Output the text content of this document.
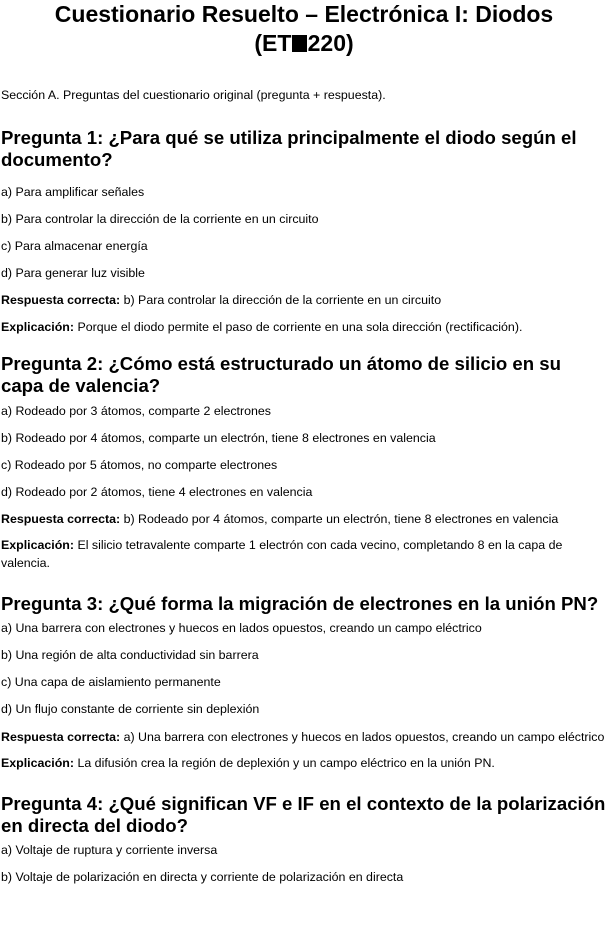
Cuestionario Resuelto – Electrónica I: Diodos
(ET 220)

Sección A. Preguntas del cuestionario original (pregunta + respuesta).

Pregunta 1: ¿Para qué se utiliza principalmente el diodo según el documento?

a) Para amplificar señales

b) Para controlar la dirección de la corriente en un circuito

c) Para almacenar energía

d) Para generar luz visible

Respuesta correcta: b) Para controlar la dirección de la corriente en un circuito

Explicación: Porque el diodo permite el paso de corriente en una sola dirección (rectificación).

Pregunta 2: ¿Cómo está estructurado un átomo de silicio en su capa de valencia?

a) Rodeado por 3 átomos, comparte 2 electrones

b) Rodeado por 4 átomos, comparte un electrón, tiene 8 electrones en valencia

c) Rodeado por 5 átomos, no comparte electrones

d) Rodeado por 2 átomos, tiene 4 electrones en valencia

Respuesta correcta: b) Rodeado por 4 átomos, comparte un electrón, tiene 8 electrones en valencia

Explicación: El silicio tetravalente comparte 1 electrón con cada vecino, completando 8 en la capa de valencia.

Pregunta 3: ¿Qué forma la migración de electrones en la unión PN?

a) Una barrera con electrones y huecos en lados opuestos, creando un campo eléctrico

b) Una región de alta conductividad sin barrera

c) Una capa de aislamiento permanente

d) Un flujo constante de corriente sin deplexión

Respuesta correcta: a) Una barrera con electrones y huecos en lados opuestos, creando un campo eléctrico

Explicación: La difusión crea la región de deplexión y un campo eléctrico en la unión PN.

Pregunta 4: ¿Qué significan VF e IF en el contexto de la polarización en directa del diodo?

a) Voltaje de ruptura y corriente inversa

b) Voltaje de polarización en directa y corriente de polarización en directa
